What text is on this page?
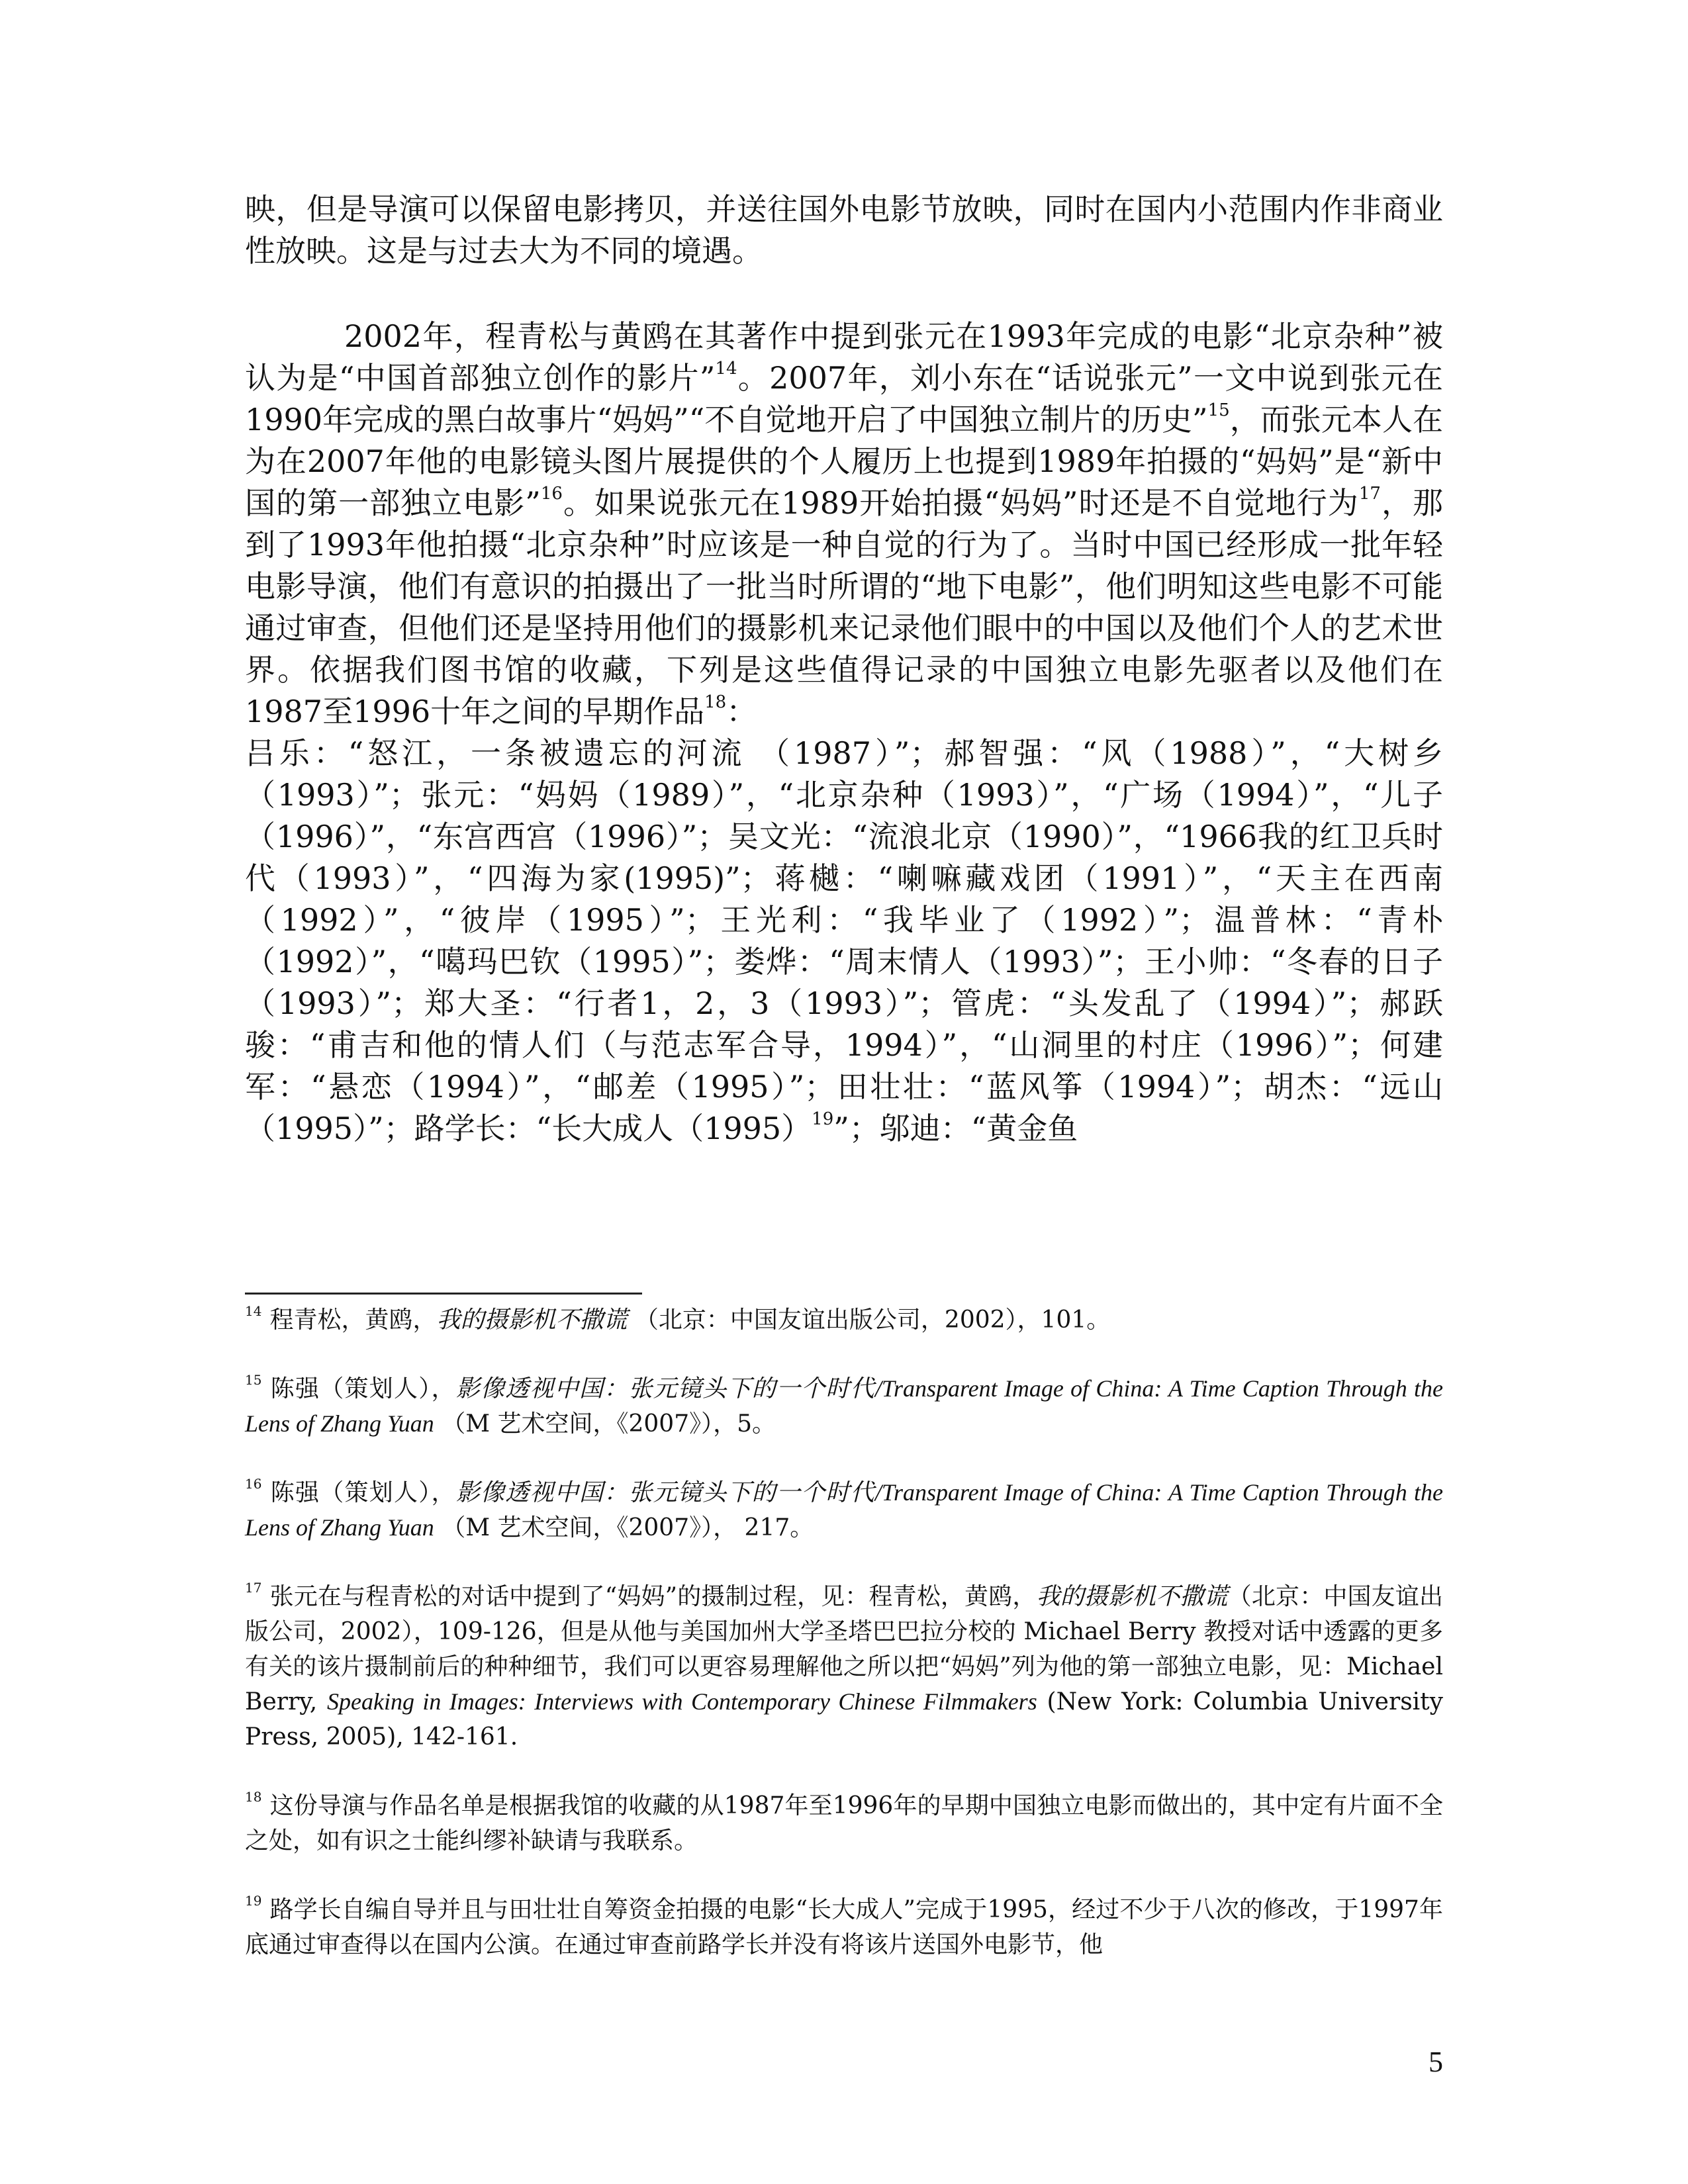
映，但是导演可以保留电影拷贝，并送往国外电影节放映，同时在国内小范围内作非商业性放映。这是与过去大为不同的境遇。

2002年，程青松与黄鸥在其著作中提到张元在1993年完成的电影“北京杂种”被认为是“中国首部独立创作的影片”$^{14}$。2007年，刘小东在“话说张元”一文中说到张元在1990年完成的黑白故事片“妈妈”“不自觉地开启了中国独立制片的历史”$^{15}$，而张元本人在为在2007年他的电影镜头图片展提供的个人履历上也提到1989年拍摄的“妈妈”是“新中国的第一部独立电影”$^{16}$。如果说张元在1989开始拍摄“妈妈”时还是不自觉地行为$^{17}$，那到了1993年他拍摄“北京杂种”时应该是一种自觉的行为了。当时中国已经形成一批年轻电影导演，他们有意识的拍摄出了一批当时所谓的“地下电影”，他们明知这些电影不可能通过审查，但他们还是坚持用他们的摄影机来记录他们眼中的中国以及他们个人的艺术世界。依据我们图书馆的收藏，下列是这些值得记录的中国独立电影先驱者以及他们在1987至1996十年之间的早期作品$^{18}$：

吕乐：“怒江，一条被遗忘的河流 （1987）”；郝智强：“风（1988）”，“大树乡（1993）”；张元：“妈妈（1989）”，“北京杂种（1993）”，“广场（1994）”，“儿子（1996）”，“东宫西宫（1996）”；吴文光：“流浪北京（1990）”，“1966我的红卫兵时代（1993）”，“四海为家(1995)”；蒋樾：“喇嘛藏戏团（1991）”，“天主在西南（1992）”，“彼岸（1995）”；王光利：“我毕业了（1992）”；温普林：“青朴（1992）”，“噶玛巴钦（1995）”；娄烨：“周末情人（1993）”；王小帅：“冬春的日子（1993）”；郑大圣：“行者1，2，3（1993）”；管虎：“头发乱了（1994）”；郝跃骏：“甫吉和他的情人们（与范志军合导，1994）”，“山洞里的村庄（1996）”；何建军：“悬恋（1994）”，“邮差（1995）”；田壮壮：“蓝风筝（1994）”；胡杰：“远山（1995）”；路学长：“长大成人$(1995)^{19}$”；邬迪：“黄金鱼

$^{14}$ 程青松，黄鸥，我的摄影机不撒谎 （北京：中国友谊出版公司，2002），101。

$^{15}$ 陈强（策划人），影像透视中国：张元镜头下的一个时代/Transparent Image of China: A Time Caption Through the Lens of Zhang Yuan （M 艺术空间，《2007》），5。

$^{16}$ 陈强（策划人），影像透视中国：张元镜头下的一个时代/Transparent Image of China: A Time Caption Through the Lens of Zhang Yuan （M 艺术空间，《2007》）， 217。

$^{17}$ 张元在与程青松的对话中提到了“妈妈”的摄制过程，见：程青松，黄鸥，我的摄影机不撒谎（北京：中国友谊出版公司，2002），109-126，但是从他与美国加州大学圣塔巴巴拉分校的 Michael Berry 教授对话中透露的更多有关的该片摄制前后的种种细节，我们可以更容易理解他之所以把“妈妈”列为他的第一部独立电影，见：Michael Berry, Speaking in Images: Interviews with Contemporary Chinese Filmmakers (New York: Columbia University Press, 2005), 142-161.

$^{18}$ 这份导演与作品名单是根据我馆的收藏的从1987年至1996年的早期中国独立电影而做出的，其中定有片面不全之处，如有识之士能纠缪补缺请与我联系。

$^{19}$ 路学长自编自导并且与田壮壮自筹资金拍摄的电影“长大成人”完成于1995，经过不少于八次的修改，于1997年底通过审查得以在国内公演。在通过审查前路学长并没有将该片送国外电影节，他

5
